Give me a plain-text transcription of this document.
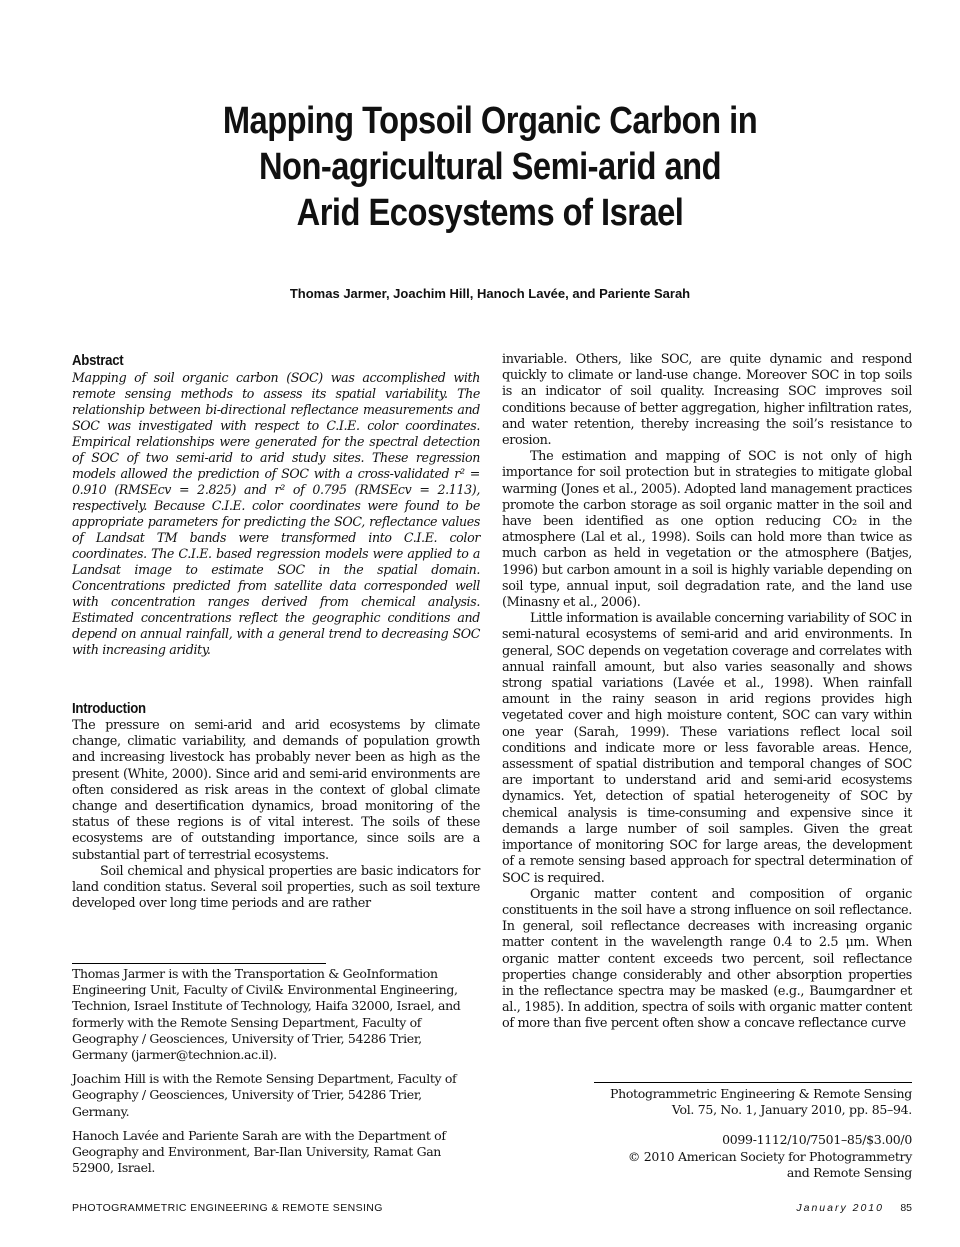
Mapping Topsoil Organic Carbon in
Non-agricultural Semi-arid and
Arid Ecosystems of Israel
Thomas Jarmer, Joachim Hill, Hanoch Lavée, and Pariente Sarah
Abstract

Mapping of soil organic carbon (SOC) was accomplished with remote sensing methods to assess its spatial variability. The relationship between bi-directional reflectance measurements and SOC was investigated with respect to C.I.E. color coordinates. Empirical relationships were generated for the spectral detection of SOC of two semi-arid to arid study sites. These regression models allowed the prediction of SOC with a cross-validated r² = 0.910 (RMSEcv = 2.825) and r² of 0.795 (RMSEcv = 2.113), respectively. Because C.I.E. color coordinates were found to be appropriate parameters for predicting the SOC, reflectance values of Landsat TM bands were transformed into C.I.E. color coordinates. The C.I.E. based regression models were applied to a Landsat image to estimate SOC in the spatial domain. Concentrations predicted from satellite data corresponded well with concentration ranges derived from chemical analysis. Estimated concentrations reflect the geographic conditions and depend on annual rainfall, with a general trend to decreasing SOC with increasing aridity.

Introduction

The pressure on semi-arid and arid ecosystems by climate change, climatic variability, and demands of population growth and increasing livestock has probably never been as high as the present (White, 2000). Since arid and semi-arid environments are often considered as risk areas in the context of global climate change and desertification dynamics, broad monitoring of the status of these regions is of vital interest. The soils of these ecosystems are of outstanding importance, since soils are a substantial part of terrestrial ecosystems.

Soil chemical and physical properties are basic indicators for land condition status. Several soil properties, such as soil texture developed over long time periods and are rather

Thomas Jarmer is with the Transportation & GeoInformation Engineering Unit, Faculty of Civil& Environmental Engineering, Technion, Israel Institute of Technology, Haifa 32000, Israel, and formerly with the Remote Sensing Department, Faculty of Geography / Geosciences, University of Trier, 54286 Trier, Germany (jarmer@technion.ac.il).

Joachim Hill is with the Remote Sensing Department, Faculty of Geography / Geosciences, University of Trier, 54286 Trier, Germany.

Hanoch Lavée and Pariente Sarah are with the Department of Geography and Environment, Bar-Ilan University, Ramat Gan 52900, Israel.

invariable. Others, like SOC, are quite dynamic and respond quickly to climate or land-use change. Moreover SOC in top soils is an indicator of soil quality. Increasing SOC improves soil conditions because of better aggregation, higher infiltration rates, and water retention, thereby increasing the soil’s resistance to erosion.

The estimation and mapping of SOC is not only of high importance for soil protection but in strategies to mitigate global warming (Jones et al., 2005). Adopted land management practices promote the carbon storage as soil organic matter in the soil and have been identified as one option reducing CO₂ in the atmosphere (Lal et al., 1998). Soils can hold more than twice as much carbon as held in vegetation or the atmosphere (Batjes, 1996) but carbon amount in a soil is highly variable depending on soil type, annual input, soil degradation rate, and the land use (Minasny et al., 2006).

Little information is available concerning variability of SOC in semi-natural ecosystems of semi-arid and arid environments. In general, SOC depends on vegetation coverage and correlates with annual rainfall amount, but also varies seasonally and shows strong spatial variations (Lavée et al., 1998). When rainfall amount in the rainy season in arid regions provides high vegetated cover and high moisture content, SOC can vary within one year (Sarah, 1999). These variations reflect local soil conditions and indicate more or less favorable areas. Hence, assessment of spatial distribution and temporal changes of SOC are important to understand arid and semi-arid ecosystems dynamics. Yet, detection of spatial heterogeneity of SOC by chemical analysis is time-consuming and expensive since it demands a large number of soil samples. Given the great importance of monitoring SOC for large areas, the development of a remote sensing based approach for spectral determination of SOC is required.

Organic matter content and composition of organic constituents in the soil have a strong influence on soil reflectance. In general, soil reflectance decreases with increasing organic matter content in the wavelength range 0.4 to 2.5 μm. When organic matter content exceeds two percent, soil reflectance properties change considerably and other absorption properties in the reflectance spectra may be masked (e.g., Baumgardner et al., 1985). In addition, spectra of soils with organic matter content of more than five percent often show a concave reflectance curve

Photogrammetric Engineering & Remote Sensing

Vol. 75, No. 1, January 2010, pp. 85–94.

0099-1112/10/7501–85/$3.00/0

© 2010 American Society for Photogrammetry

and Remote Sensing

PHOTOGRAMMETRIC ENGINEERING & REMOTE SENSING	January 2010 85
